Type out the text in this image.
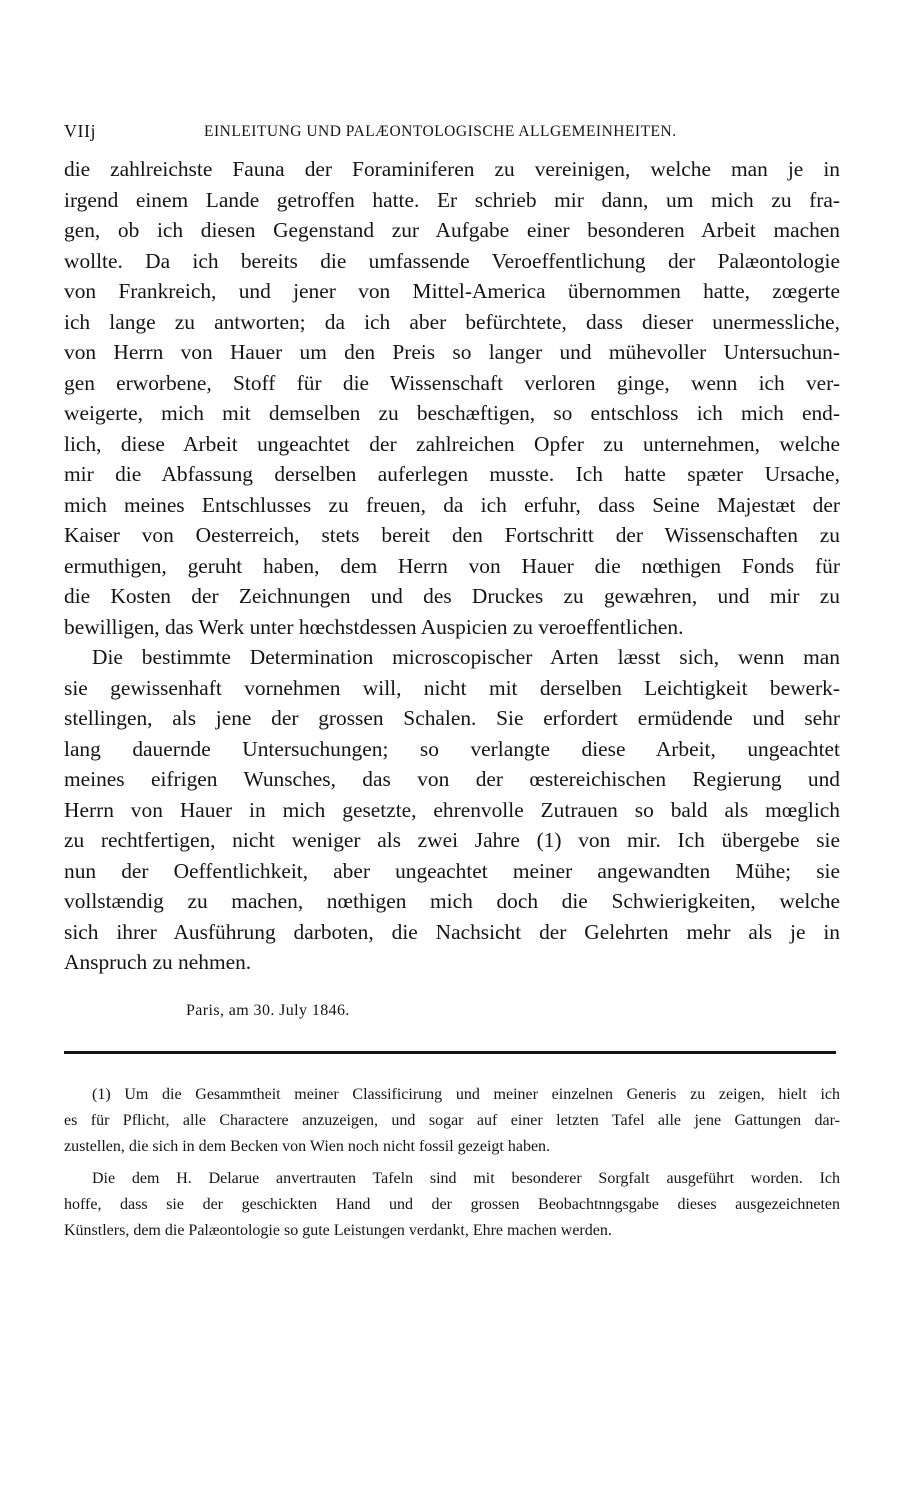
VIIj	EINLEITUNG UND PALÆONTOLOGISCHE ALLGEMEINHEITEN.
die zahlreichste Fauna der Foraminiferen zu vereinigen, welche man je in
irgend einem Lande getroffen hatte. Er schrieb mir dann, um mich zu fra-
gen, ob ich diesen Gegenstand zur Aufgabe einer besonderen Arbeit machen
wollte. Da ich bereits die umfassende Veroeffentlichung der Palæontologie
von Frankreich, und jener von Mittel-America übernommen hatte, zœgerte
ich lange zu antworten; da ich aber befürchtete, dass dieser unermessliche,
von Herrn von Hauer um den Preis so langer und mühevoller Untersuchun-
gen erworbene, Stoff für die Wissenschaft verloren ginge, wenn ich ver-
weigerte, mich mit demselben zu beschæftigen, so entschloss ich mich end-
lich, diese Arbeit ungeachtet der zahlreichen Opfer zu unternehmen, welche
mir die Abfassung derselben auferlegen musste. Ich hatte spæter Ursache,
mich meines Entschlusses zu freuen, da ich erfuhr, dass Seine Majestæt der
Kaiser von Oesterreich, stets bereit den Fortschritt der Wissenschaften zu
ermuthigen, geruht haben, dem Herrn von Hauer die nœthigen Fonds für
die Kosten der Zeichnungen und des Druckes zu gewæhren, und mir zu
bewilligen, das Werk unter hœchstdessen Auspicien zu veroeffentlichen.
Die bestimmte Determination microscopischer Arten læsst sich, wenn man
sie gewissenhaft vornehmen will, nicht mit derselben Leichtigkeit bewerk-
stellingen, als jene der grossen Schalen. Sie erfordert ermüdende und sehr
lang dauernde Untersuchungen; so verlangte diese Arbeit, ungeachtet
meines eifrigen Wunsches, das von der œstereichischen Regierung und
Herrn von Hauer in mich gesetzte, ehrenvolle Zutrauen so bald als mœglich
zu rechtfertigen, nicht weniger als zwei Jahre (1) von mir. Ich übergebe sie
nun der Oeffentlichkeit, aber ungeachtet meiner angewandten Mühe; sie
vollstændig zu machen, nœthigen mich doch die Schwierigkeiten, welche
sich ihrer Ausführung darboten, die Nachsicht der Gelehrten mehr als je in
Anspruch zu nehmen.
Paris, am 30. July 1846.
(1) Um die Gesammtheit meiner Classificirung und meiner einzelnen Generis zu zeigen, hielt ich
es für Pflicht, alle Charactere anzuzeigen, und sogar auf einer letzten Tafel alle jene Gattungen dar-
zustellen, die sich in dem Becken von Wien noch nicht fossil gezeigt haben.
Die dem H. Delarue anvertrauten Tafeln sind mit besonderer Sorgfalt ausgeführt worden. Ich
hoffe, dass sie der geschickten Hand und der grossen Beobachtnngsgabe dieses ausgezeichneten
Künstlers, dem die Palæontologie so gute Leistungen verdankt, Ehre machen werden.
